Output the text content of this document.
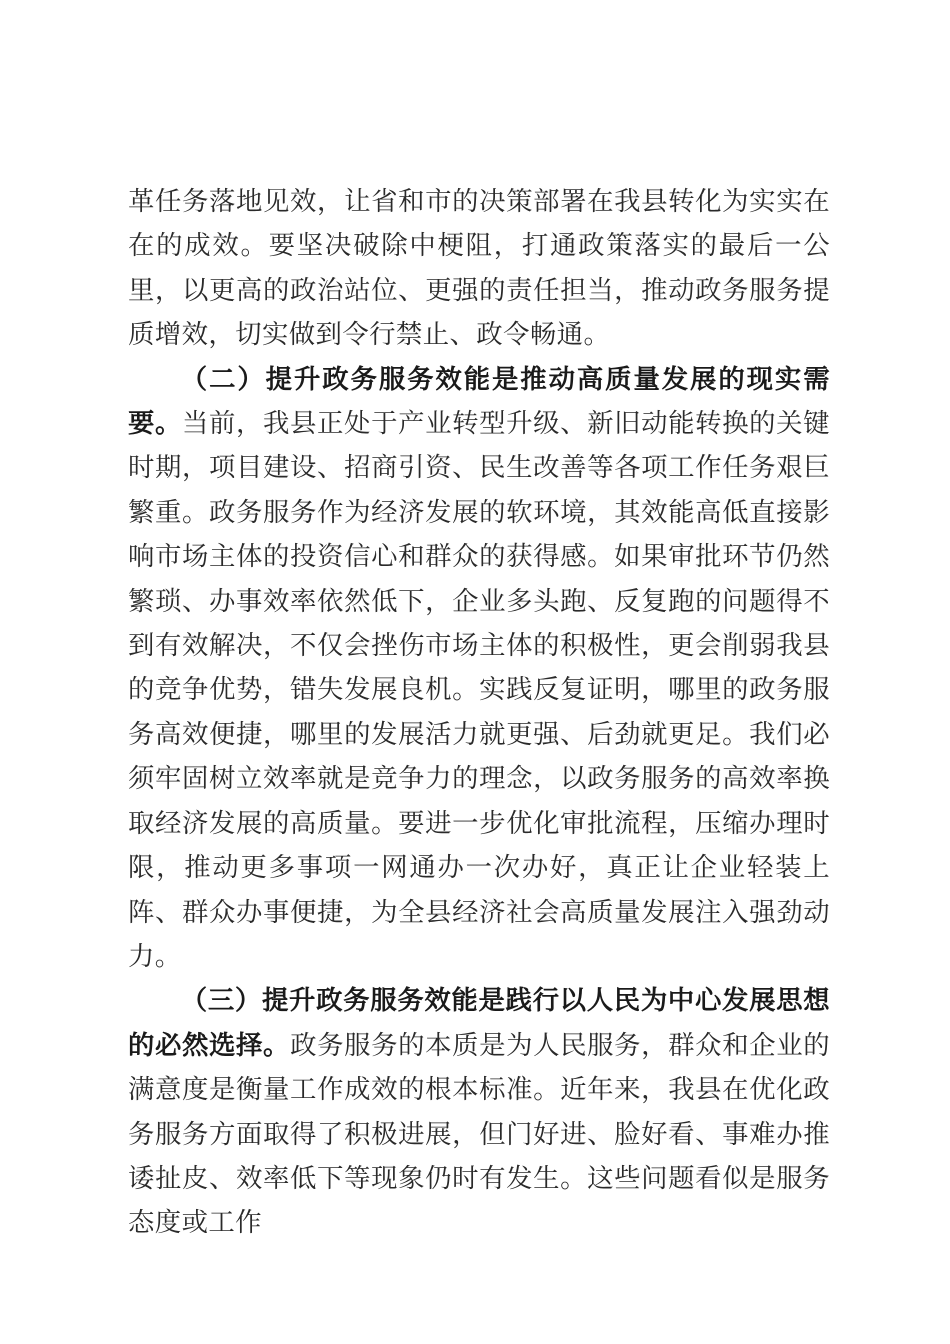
革任务落地见效，让省和市的决策部署在我县转化为实实在在的成效。要坚决破除中梗阻，打通政策落实的最后一公里，以更高的政治站位、更强的责任担当，推动政务服务提质增效，切实做到令行禁止、政令畅通。

（二）提升政务服务效能是推动高质量发展的现实需要。当前，我县正处于产业转型升级、新旧动能转换的关键时期，项目建设、招商引资、民生改善等各项工作任务艰巨繁重。政务服务作为经济发展的软环境，其效能高低直接影响市场主体的投资信心和群众的获得感。如果审批环节仍然繁琐、办事效率依然低下，企业多头跑、反复跑的问题得不到有效解决，不仅会挫伤市场主体的积极性，更会削弱我县的竞争优势，错失发展良机。实践反复证明，哪里的政务服务高效便捷，哪里的发展活力就更强、后劲就更足。我们必须牢固树立效率就是竞争力的理念，以政务服务的高效率换取经济发展的高质量。要进一步优化审批流程，压缩办理时限，推动更多事项一网通办一次办好，真正让企业轻装上阵、群众办事便捷，为全县经济社会高质量发展注入强劲动力。

（三）提升政务服务效能是践行以人民为中心发展思想的必然选择。政务服务的本质是为人民服务，群众和企业的满意度是衡量工作成效的根本标准。近年来，我县在优化政务服务方面取得了积极进展，但门好进、脸好看、事难办推诿扯皮、效率低下等现象仍时有发生。这些问题看似是服务态度或工作
